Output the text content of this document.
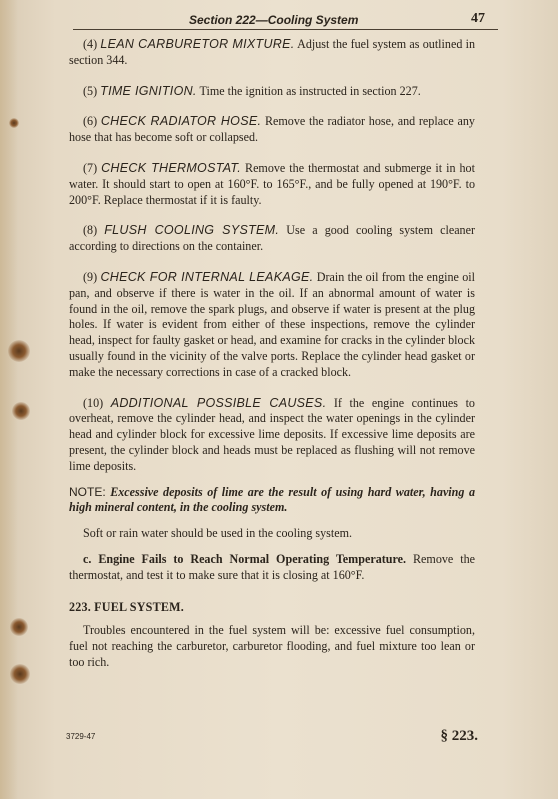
Section 222—Cooling System	47

(4) LEAN CARBURETOR MIXTURE. Adjust the fuel system as outlined in section 344.

(5) TIME IGNITION. Time the ignition as instructed in section 227.

(6) CHECK RADIATOR HOSE. Remove the radiator hose, and replace any hose that has become soft or collapsed.

(7) CHECK THERMOSTAT. Remove the thermostat and submerge it in hot water. It should start to open at 160°F. to 165°F., and be fully opened at 190°F. to 200°F. Replace thermostat if it is faulty.

(8) FLUSH COOLING SYSTEM. Use a good cooling system cleaner according to directions on the container.

(9) CHECK FOR INTERNAL LEAKAGE. Drain the oil from the engine oil pan, and observe if there is water in the oil. If an abnormal amount of water is found in the oil, remove the spark plugs, and observe if water is present at the plug holes. If water is evident from either of these inspections, remove the cylinder head, inspect for faulty gasket or head, and examine for cracks in the cylinder block usually found in the vicinity of the valve ports. Replace the cylinder head gasket or make the necessary corrections in case of a cracked block.

(10) ADDITIONAL POSSIBLE CAUSES. If the engine continues to overheat, remove the cylinder head, and inspect the water openings in the cylinder head and cylinder block for excessive lime deposits. If excessive lime deposits are present, the cylinder block and heads must be replaced as flushing will not remove lime deposits.

NOTE: Excessive deposits of lime are the result of using hard water, having a high mineral content, in the cooling system.

Soft or rain water should be used in the cooling system.

c. Engine Fails to Reach Normal Operating Temperature. Remove the thermostat, and test it to make sure that it is closing at 160°F.

223. FUEL SYSTEM.

Troubles encountered in the fuel system will be: excessive fuel consumption, fuel not reaching the carburetor, carburetor flooding, and fuel mixture too lean or too rich.

3729-47	§ 223.
